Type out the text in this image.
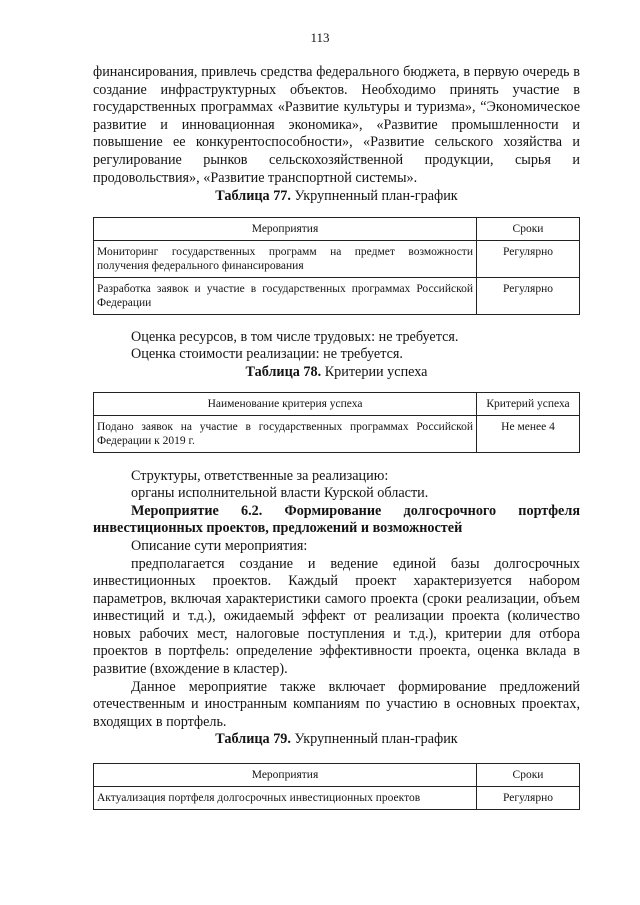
113

финансирования, привлечь средства федерального бюджета, в первую очередь в создание инфраструктурных объектов. Необходимо принять участие в государственных программах «Развитие культуры и туризма», “Экономическое развитие и инновационная экономика», «Развитие промышленности и повышение ее конкурентоспособности», «Развитие сельского хозяйства и регулирование рынков сельскохозяйственной продукции, сырья и продовольствия», «Развитие транспортной системы».

Таблица 77. Укрупненный план-график
Мероприятия	Сроки
Мониторинг государственных программ на предмет возможности получения федерального финансирования	Регулярно
Разработка заявок и участие в государственных программах Российской Федерации	Регулярно

Оценка ресурсов, в том числе трудовых: не требуется.

Оценка стоимости реализации: не требуется.

Таблица 78. Критерии успеха
Наименование критерия успеха	Критерий успеха
Подано заявок на участие в государственных программах Российской Федерации к 2019 г.	Не менее 4

Структуры, ответственные за реализацию:

органы исполнительной власти Курской области.

Мероприятие 6.2. Формирование долгосрочного портфеля инвестиционных проектов, предложений и возможностей

Описание сути мероприятия:

предполагается создание и ведение единой базы долгосрочных инвестиционных проектов. Каждый проект характеризуется набором параметров, включая характеристики самого проекта (сроки реализации, объем инвестиций и т.д.), ожидаемый эффект от реализации проекта (количество новых рабочих мест, налоговые поступления и т.д.), критерии для отбора проектов в портфель: определение эффективности проекта, оценка вклада в развитие (вхождение в кластер).

Данное мероприятие также включает формирование предложений отечественным и иностранным компаниям по участию в основных проектах, входящих в портфель.

Таблица 79. Укрупненный план-график
Мероприятия	Сроки
Актуализация портфеля долгосрочных инвестиционных проектов	Регулярно
